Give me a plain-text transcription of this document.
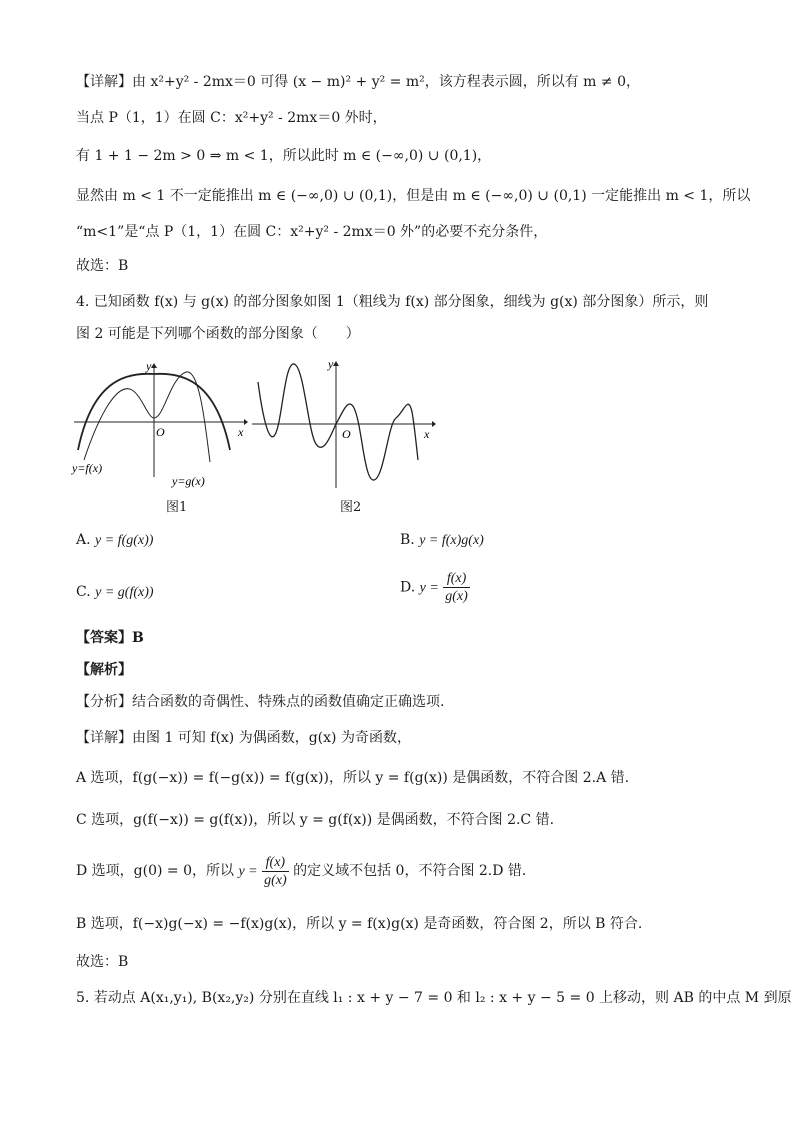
【详解】由 x²+y² - 2mx＝0 可得 (x − m)² + y² = m²，该方程表示圆，所以有 m ≠ 0，
当点 P（1，1）在圆 C：x²+y² - 2mx＝0 外时，
有 1 + 1 − 2m > 0 ⇒ m < 1，所以此时 m ∈ (−∞,0) ∪ (0,1)，
显然由 m < 1 不一定能推出 m ∈ (−∞,0) ∪ (0,1)，但是由 m ∈ (−∞,0) ∪ (0,1) 一定能推出 m < 1，所以
“m<1”是“点 P（1，1）在圆 C：x²+y² - 2mx＝0 外”的必要不充分条件，
故选：B
4. 已知函数 f(x) 与 g(x) 的部分图象如图 1（粗线为 f(x) 部分图象，细线为 g(x) 部分图象）所示，则
图 2 可能是下列哪个函数的部分图象（　　）
y
x
O
y=f(x)
y=g(x)
图1
y
x
O
图2
A. y = f(g(x))	B. y = f(x)g(x)
C. y = g(f(x))	D. $y = \frac{f(x)}{g(x)}$
【答案】B
【解析】
【分析】结合函数的奇偶性、特殊点的函数值确定正确选项.
【详解】由图 1 可知 f(x) 为偶函数，g(x) 为奇函数，
A 选项，f(g(−x)) = f(−g(x)) = f(g(x))，所以 y = f(g(x)) 是偶函数，不符合图 2.A 错.
C 选项，g(f(−x)) = g(f(x))，所以 y = g(f(x)) 是偶函数，不符合图 2.C 错.
D 选项，g(0) = 0，所以 $y = \frac{f(x)}{g(x)}$ 的定义域不包括 0，不符合图 2.D 错.
B 选项，f(−x)g(−x) = −f(x)g(x)，所以 y = f(x)g(x) 是奇函数，符合图 2，所以 B 符合.
故选：B
5. 若动点 A(x₁,y₁), B(x₂,y₂) 分别在直线 l₁ : x + y − 7 = 0 和 l₂ : x + y − 5 = 0 上移动，则 AB 的中点 M 到原
